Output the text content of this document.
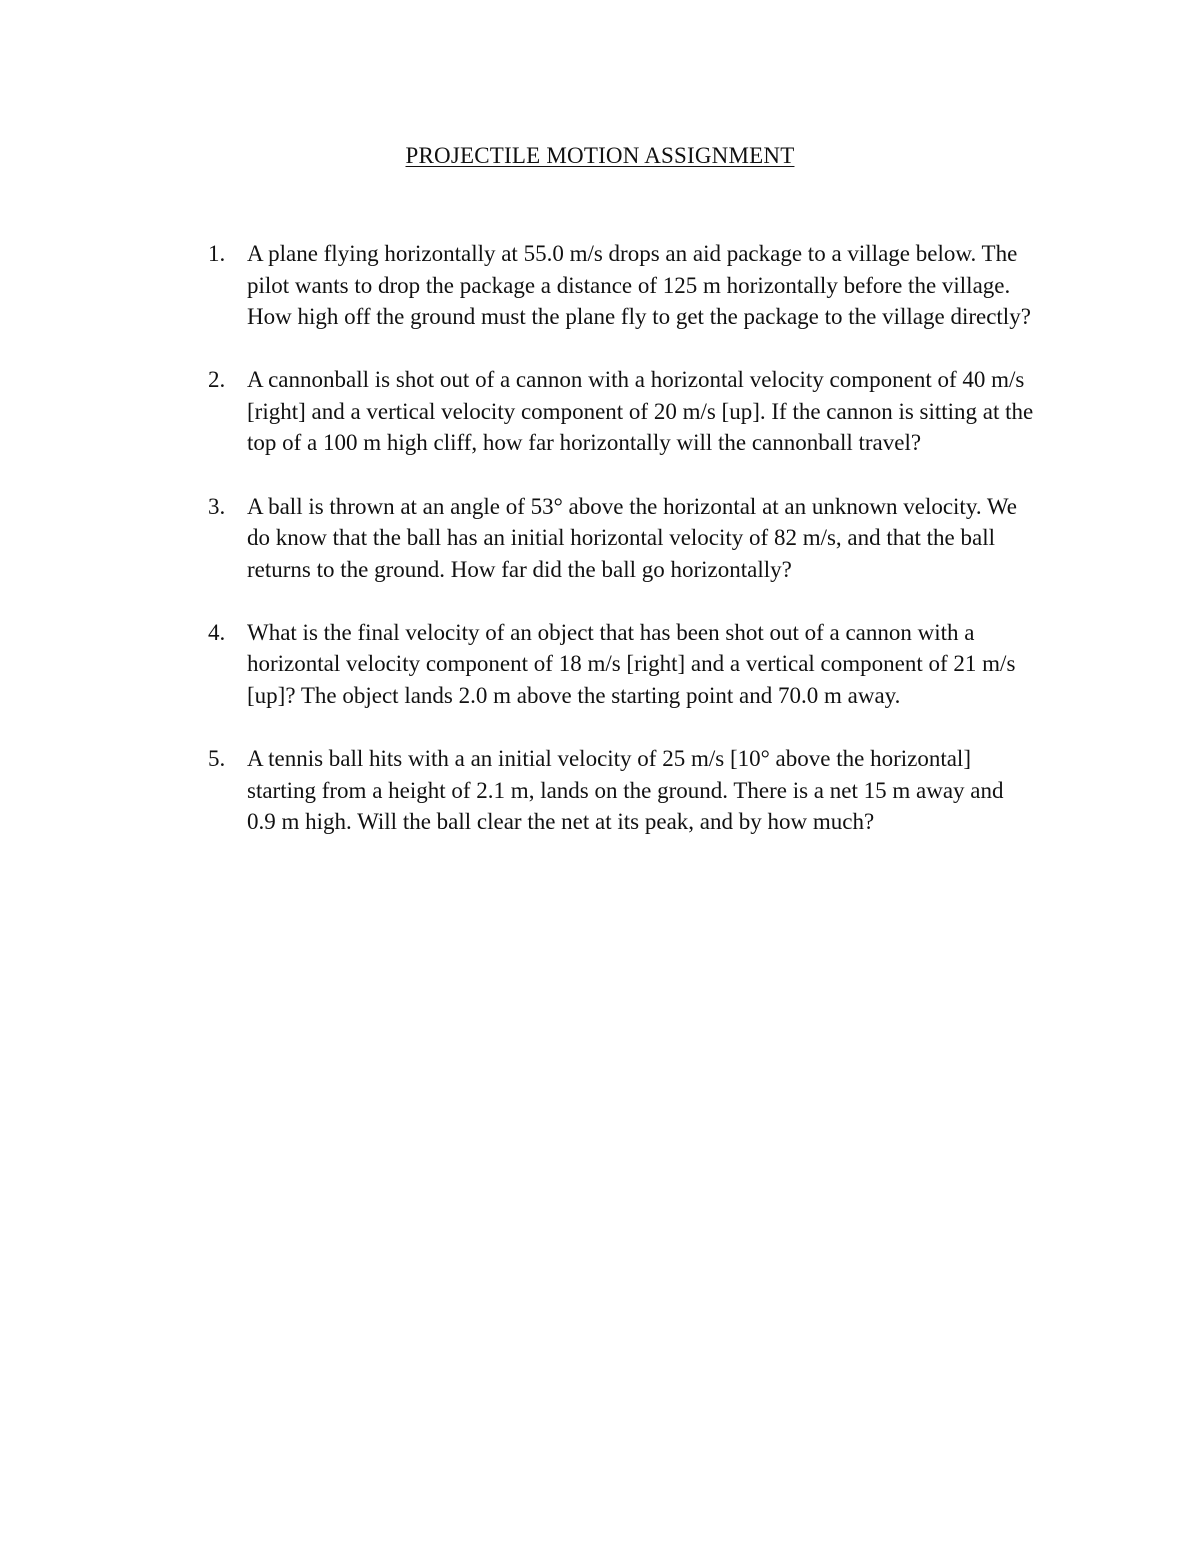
PROJECTILE MOTION ASSIGNMENT
1. A plane flying horizontally at 55.0 m/s drops an aid package to a village below. The pilot wants to drop the package a distance of 125 m horizontally before the village. How high off the ground must the plane fly to get the package to the village directly?
2. A cannonball is shot out of a cannon with a horizontal velocity component of 40 m/s [right] and a vertical velocity component of 20 m/s [up]. If the cannon is sitting at the top of a 100 m high cliff, how far horizontally will the cannonball travel?
3. A ball is thrown at an angle of 53° above the horizontal at an unknown velocity. We do know that the ball has an initial horizontal velocity of 82 m/s, and that the ball returns to the ground. How far did the ball go horizontally?
4. What is the final velocity of an object that has been shot out of a cannon with a horizontal velocity component of 18 m/s [right] and a vertical component of 21 m/s [up]? The object lands 2.0 m above the starting point and 70.0 m away.
5. A tennis ball hits with a an initial velocity of 25 m/s [10° above the horizontal] starting from a height of 2.1 m, lands on the ground. There is a net 15 m away and 0.9 m high. Will the ball clear the net at its peak, and by how much?
